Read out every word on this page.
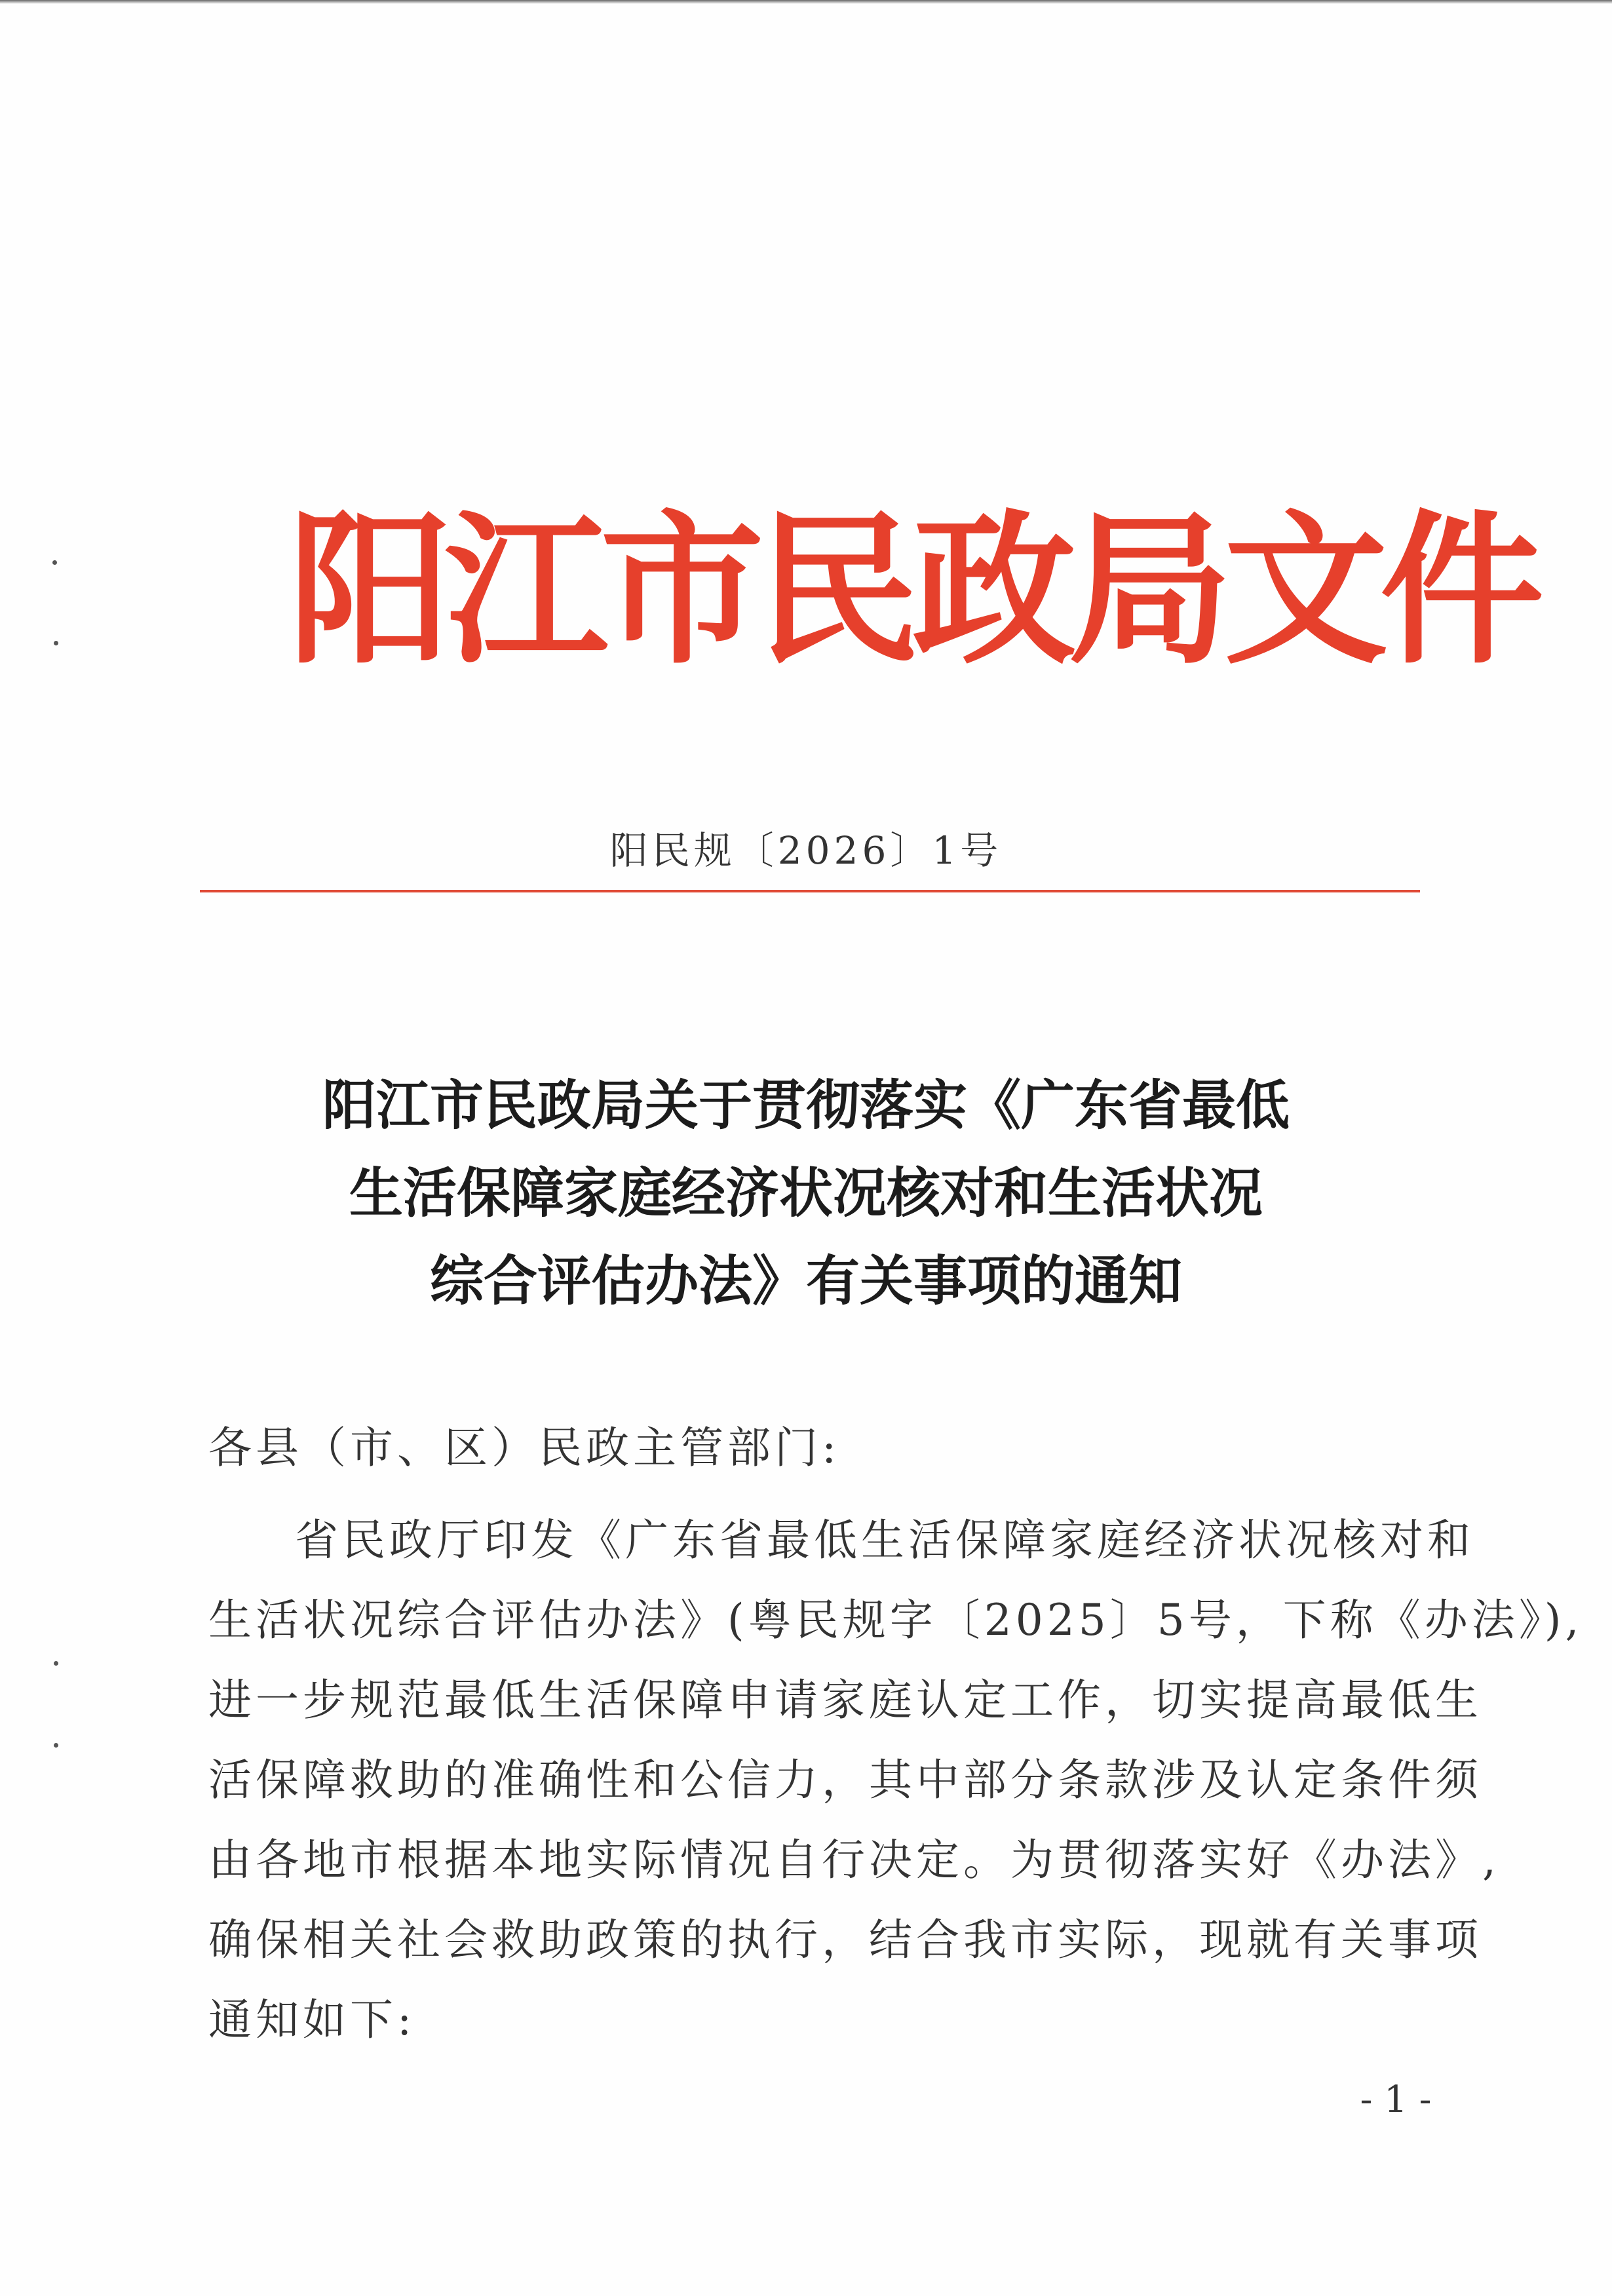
阳江市民政局文件
阳民规〔2026〕1号
阳江市民政局关于贯彻落实《广东省最低
生活保障家庭经济状况核对和生活状况
综合评估办法》有关事项的通知
各县（市、区）民政主管部门:
省民政厅印发《广东省最低生活保障家庭经济状况核对和
生活状况综合评估办法》(粤民规字〔2025〕5号，下称《办法》),
进一步规范最低生活保障申请家庭认定工作，切实提高最低生
活保障救助的准确性和公信力，其中部分条款涉及认定条件须
由各地市根据本地实际情况自行决定。为贯彻落实好《办法》,
确保相关社会救助政策的执行，结合我市实际，现就有关事项
通知如下:
- 1 -
